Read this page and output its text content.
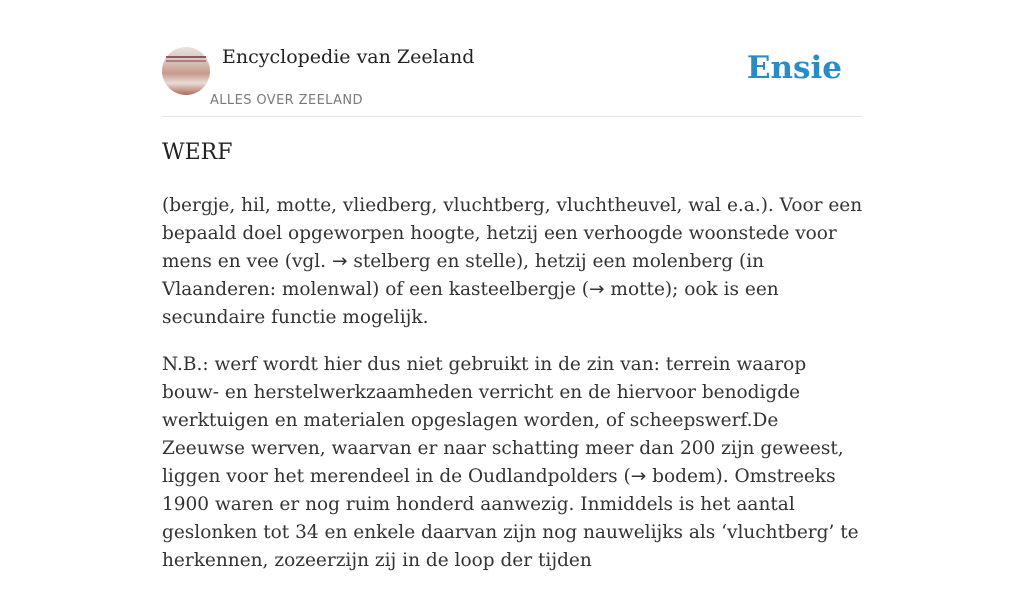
Encyclopedie van Zeeland
ALLES OVER ZEELAND
Ensie
WERF

(bergje, hil, motte, vliedberg, vluchtberg, vluchtheuvel, wal e.a.). Voor een bepaald doel opgeworpen hoogte, hetzij een verhoogde woonstede voor mens en vee (vgl. → stelberg en stelle), hetzij een molenberg (in Vlaanderen: molenwal) of een kasteelbergje (→ motte); ook is een secundaire functie mogelijk.

N.B.: werf wordt hier dus niet gebruikt in de zin van: terrein waarop bouw- en herstelwerkzaamheden verricht en de hiervoor benodigde werktuigen en materialen opgeslagen worden, of scheepswerf.De Zeeuwse werven, waarvan er naar schatting meer dan 200 zijn geweest, liggen voor het merendeel in de Oudlandpolders (→ bodem). Omstreeks 1900 waren er nog ruim honderd aanwezig. Inmiddels is het aantal geslonken tot 34 en enkele daarvan zijn nog nauwelijks als ‘vluchtberg’ te herkennen, zozeerzijn zij in de loop der tijden
